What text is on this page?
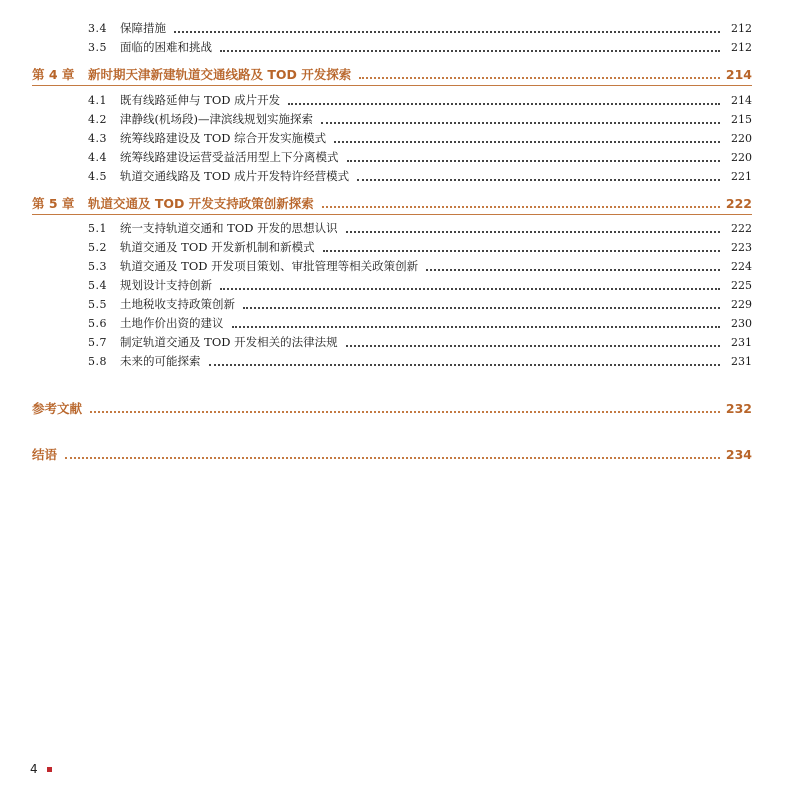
3.4	保障措施	212
3.5	面临的困难和挑战	212
第 4 章	新时期天津新建轨道交通线路及 TOD 开发探索	214
4.1	既有线路延伸与 TOD 成片开发	214
4.2	津静线(机场段)—津滨线规划实施探索	215
4.3	统筹线路建设及 TOD 综合开发实施模式	220
4.4	统筹线路建设运营受益活用型上下分离模式	220
4.5	轨道交通线路及 TOD 成片开发特许经营模式	221
第 5 章	轨道交通及 TOD 开发支持政策创新探索	222
5.1	统一支持轨道交通和 TOD 开发的思想认识	222
5.2	轨道交通及 TOD 开发新机制和新模式	223
5.3	轨道交通及 TOD 开发项目策划、审批管理等相关政策创新	224
5.4	规划设计支持创新	225
5.5	土地税收支持政策创新	229
5.6	土地作价出资的建议	230
5.7	制定轨道交通及 TOD 开发相关的法律法规	231
5.8	未来的可能探索	231
参考文献	232
结语	234
4
